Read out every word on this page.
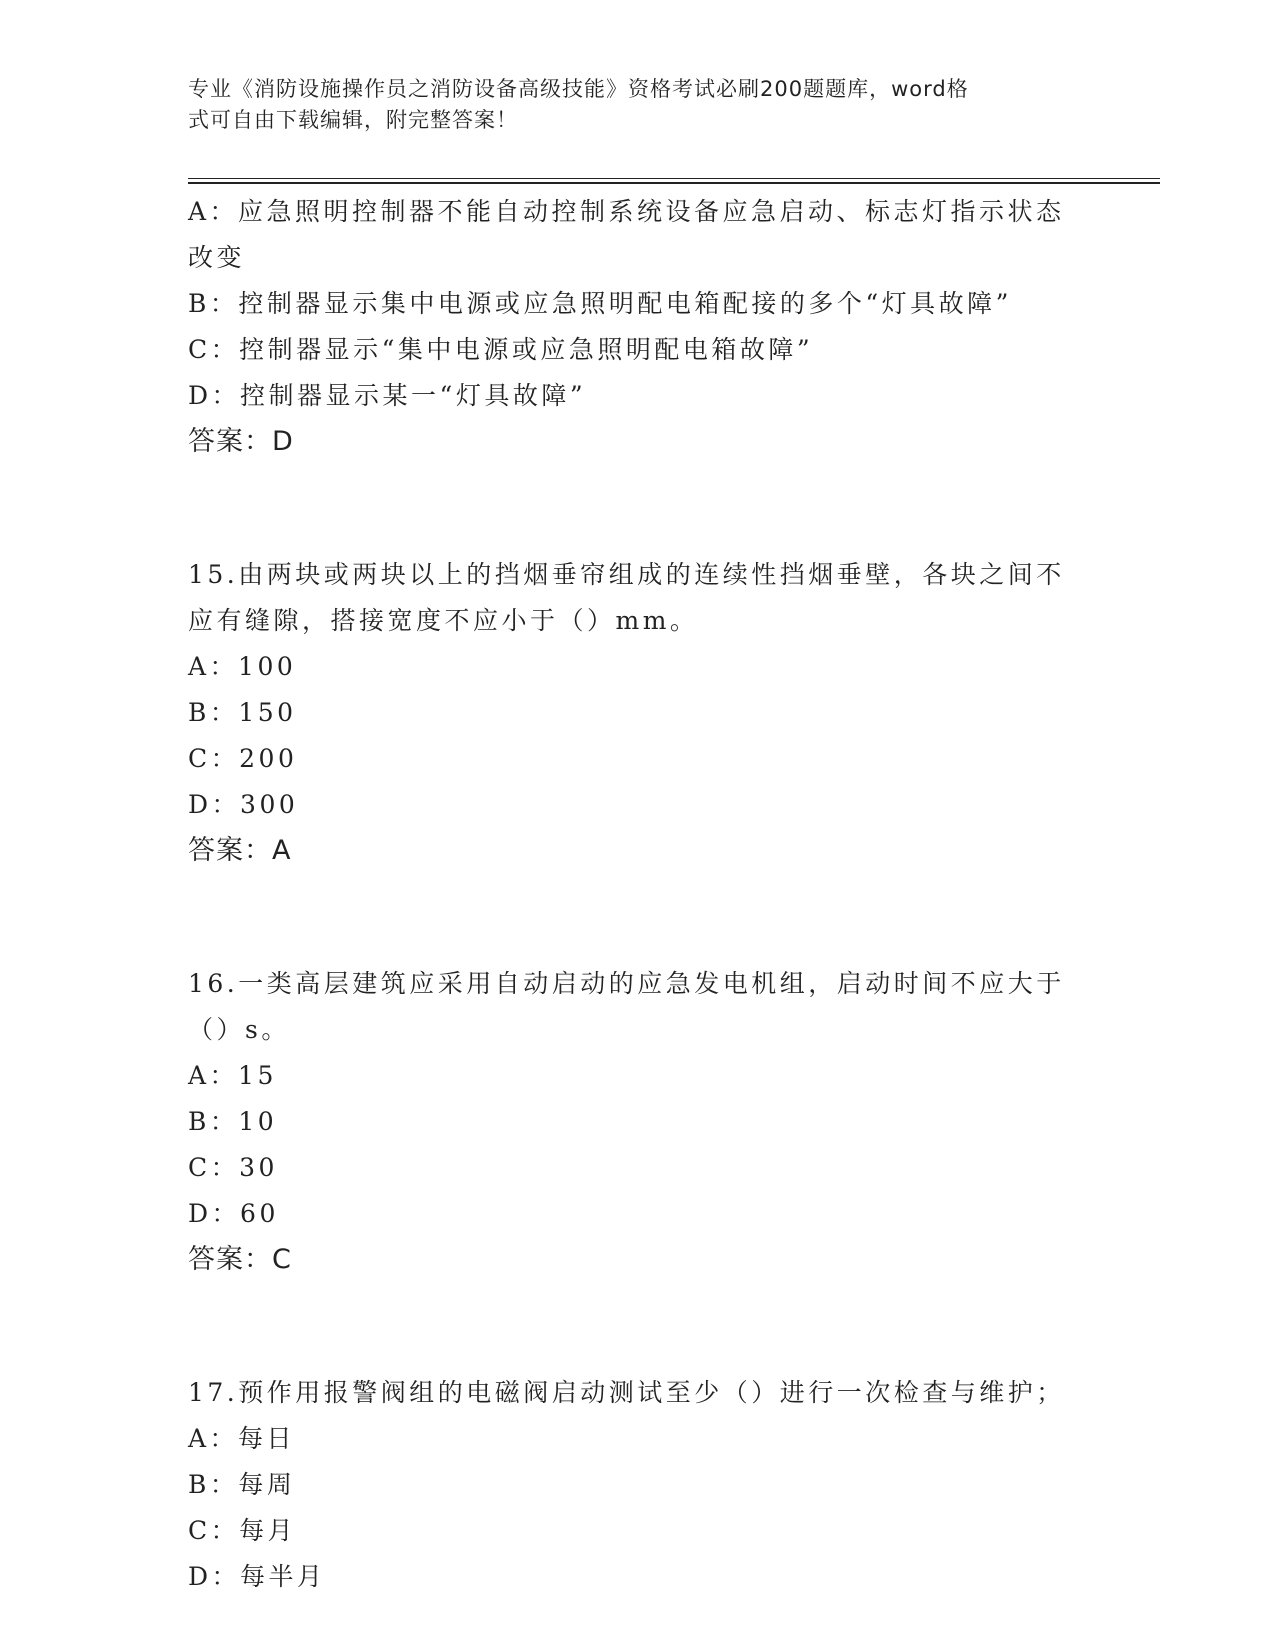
专业《消防设施操作员之消防设备高级技能》资格考试必刷200题题库，word格
式可自由下载编辑，附完整答案！
A：应急照明控制器不能自动控制系统设备应急启动、标志灯指示状态
改变
B：控制器显示集中电源或应急照明配电箱配接的多个“灯具故障”
C：控制器显示“集中电源或应急照明配电箱故障”
D：控制器显示某一“灯具故障”
答案：D
15.由两块或两块以上的挡烟垂帘组成的连续性挡烟垂壁，各块之间不
应有缝隙，搭接宽度不应小于（）mm。
A：100
B：150
C：200
D：300
答案：A
16.一类高层建筑应采用自动启动的应急发电机组，启动时间不应大于
（）s。
A：15
B：10
C：30
D：60
答案：C
17.预作用报警阀组的电磁阀启动测试至少（）进行一次检查与维护；
A：每日
B：每周
C：每月
D：每半月
